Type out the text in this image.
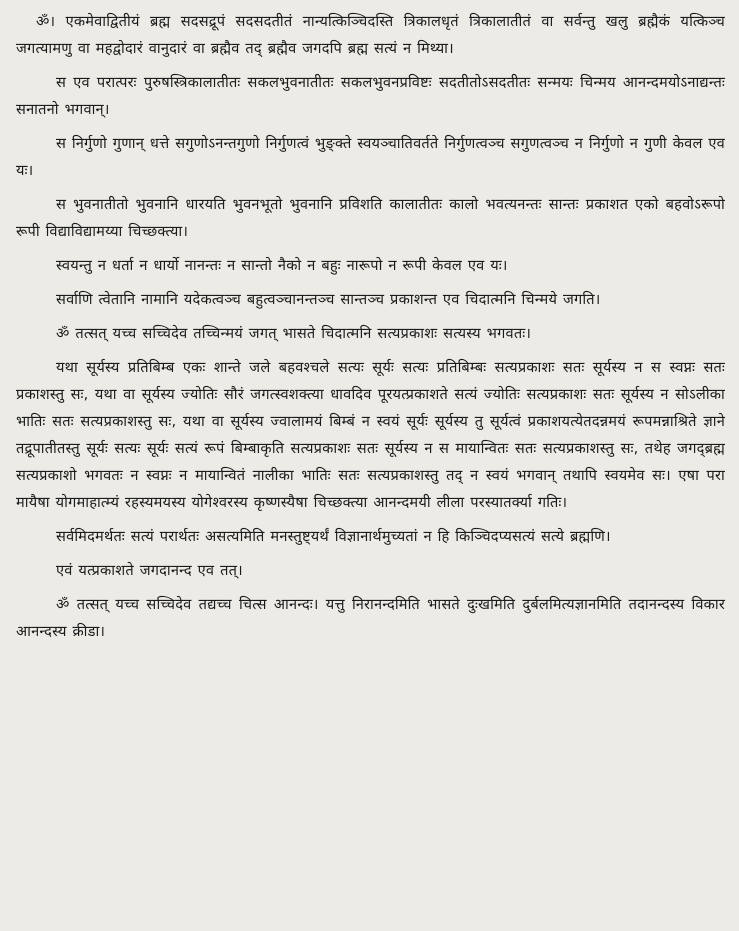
ॐ। एकमेवाद्वितीयं ब्रह्म सदसद्रूपं सदसदतीतं नान्यत्किञ्चिदस्ति त्रिकालधृतं त्रिकालातीतं वा सर्वन्तु खलु ब्रह्मैकं यत्किञ्च जगत्यामणु वा महद्वोदारं वानुदारं वा ब्रह्मैव तद् ब्रह्मैव जगदपि ब्रह्म सत्यं न मिथ्या।

स एव परात्परः पुरुषस्त्रिकालातीतः सकलभुवनातीतः सकलभुवनप्रविष्टः सदतीतोऽसदतीतः सन्मयः चिन्मय आनन्दमयोऽनाद्यन्तः सनातनो भगवान्।

स निर्गुणो गुणान् धत्ते सगुणोऽनन्तगुणो निर्गुणत्वं भुङ्क्ते स्वयञ्चातिवर्तते निर्गुणत्वञ्च सगुणत्वञ्च न निर्गुणो न गुणी केवल एव यः।

स भुवनातीतो भुवनानि धारयति भुवनभूतो भुवनानि प्रविशति कालातीतः कालो भवत्यनन्तः सान्तः प्रकाशत एको बहवोऽरूपो रूपी विद्याविद्यामय्या चिच्छक्त्या।

स्वयन्तु न धर्ता न धार्यो नानन्तः न सान्तो नैको न बहुः नारूपो न रूपी केवल एव यः।

सर्वाणि त्वेतानि नामानि यदेकत्वञ्च बहुत्वञ्चानन्तञ्च सान्तञ्च प्रकाशन्त एव चिदात्मनि चिन्मये जगति।

ॐ तत्सत् यच्च सच्चिदेव तच्चिन्मयं जगत् भासते चिदात्मनि सत्यप्रकाशः सत्यस्य भगवतः।

यथा सूर्यस्य प्रतिबिम्ब एकः शान्ते जले बहवश्चले सत्यः सूर्यः सत्यः प्रतिबिम्बः सत्यप्रकाशः सतः सूर्यस्य न स स्वप्नः सतः प्रकाशस्तु सः, यथा वा सूर्यस्य ज्योतिः सौरं जगत्स्वशक्त्या धावदिव पूरयत्प्रकाशते सत्यं ज्योतिः सत्यप्रकाशः सतः सूर्यस्य न सोऽलीका भातिः सतः सत्यप्रकाशस्तु सः, यथा वा सूर्यस्य ज्वालामयं बिम्बं न स्वयं सूर्यः सूर्यस्य तु सूर्यत्वं प्रकाशयत्येतदन्नमयं रूपमन्नाश्रिते ज्ञाने तद्रूपातीतस्तु सूर्यः सत्यः सूर्यः सत्यं रूपं बिम्बाकृति सत्यप्रकाशः सतः सूर्यस्य न स मायान्वितः सतः सत्यप्रकाशस्तु सः, तथेह जगद्ब्रह्म सत्यप्रकाशो भगवतः न स्वप्नः न मायान्वितं नालीका भातिः सतः सत्यप्रकाशस्तु तद् न स्वयं भगवान् तथापि स्वयमेव सः। एषा परा मायैषा योगमाहात्म्यं रहस्यमयस्य योगेश्वरस्य कृष्णस्यैषा चिच्छक्त्या आनन्दमयी लीला परस्यातर्क्या गतिः।

सर्वमिदमर्थतः सत्यं परार्थतः असत्यमिति मनस्तुष्ट्यर्थं विज्ञानार्थमुच्यतां न हि किञ्चिदप्यसत्यं सत्ये ब्रह्मणि।

एवं यत्प्रकाशते जगदानन्द एव तत्।

ॐ तत्सत् यच्च सच्चिदेव तद्यच्च चित्स आनन्दः। यत्तु निरानन्दमिति भासते दुःखमिति दुर्बलमित्यज्ञानमिति तदानन्दस्य विकार आनन्दस्य क्रीडा।
